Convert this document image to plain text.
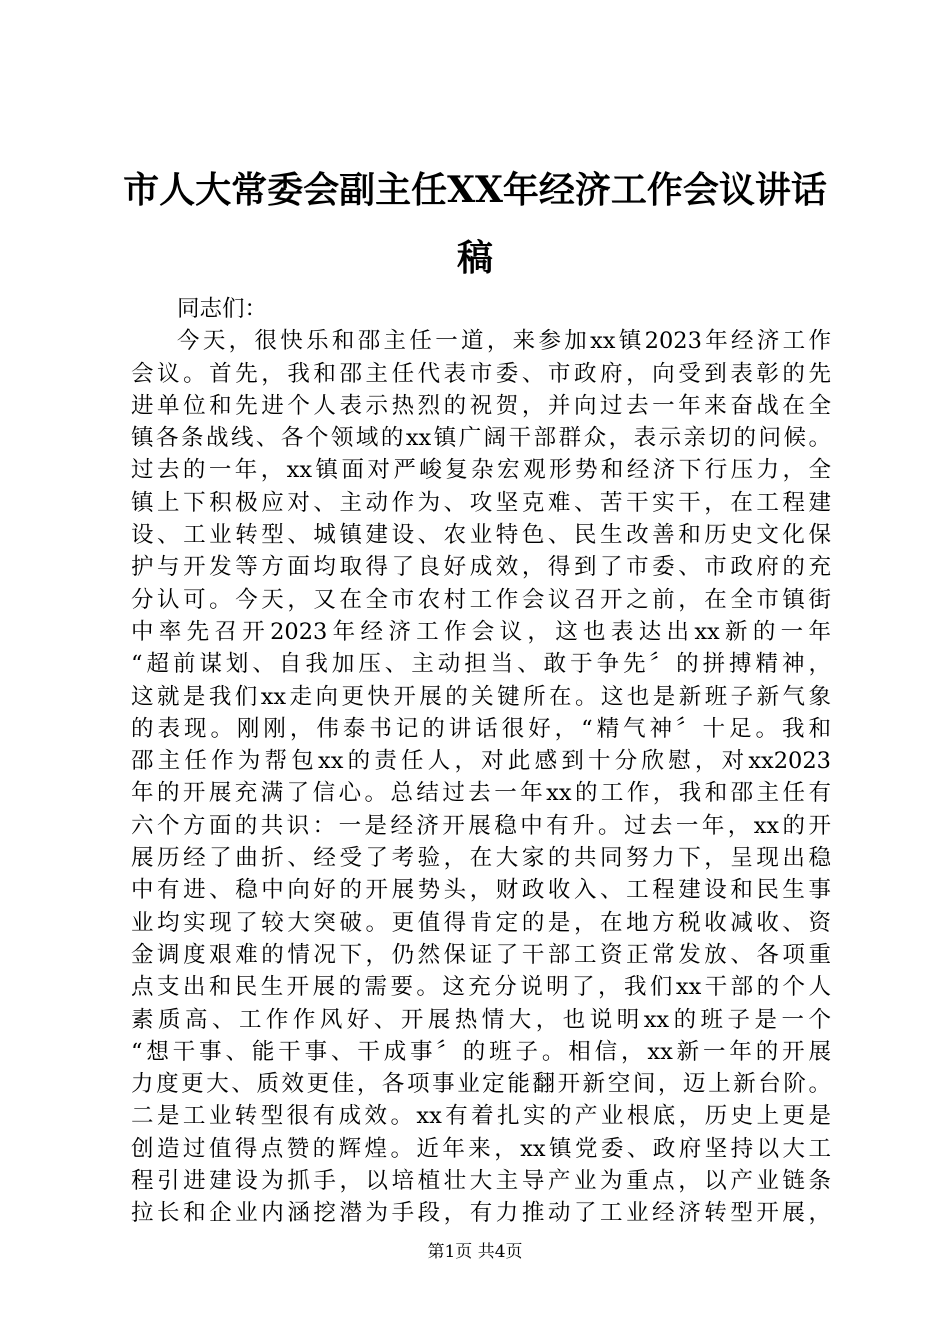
市人大常委会副主任XX年经济工作会议讲话
稿
同志们：
今天，很快乐和邵主任一道，来参加xx镇2023年经济工作
会议。首先，我和邵主任代表市委、市政府，向受到表彰的先
进单位和先进个人表示热烈的祝贺，并向过去一年来奋战在全
镇各条战线、各个领域的xx镇广阔干部群众，表示亲切的问候。
过去的一年，xx镇面对严峻复杂宏观形势和经济下行压力，全
镇上下积极应对、主动作为、攻坚克难、苦干实干，在工程建
设、工业转型、城镇建设、农业特色、民生改善和历史文化保
护与开发等方面均取得了良好成效，得到了市委、市政府的充
分认可。今天，又在全市农村工作会议召开之前，在全市镇街
中率先召开2023年经济工作会议，这也表达出xx新的一年
“超前谋划、自我加压、主动担当、敢于争先〞的拼搏精神，
这就是我们xx走向更快开展的关键所在。这也是新班子新气象
的表现。刚刚，伟泰书记的讲话很好，“精气神〞十足。我和
邵主任作为帮包xx的责任人，对此感到十分欣慰，对xx2023
年的开展充满了信心。总结过去一年xx的工作，我和邵主任有
六个方面的共识：一是经济开展稳中有升。过去一年，xx的开
展历经了曲折、经受了考验，在大家的共同努力下，呈现出稳
中有进、稳中向好的开展势头，财政收入、工程建设和民生事
业均实现了较大突破。更值得肯定的是，在地方税收减收、资
金调度艰难的情况下，仍然保证了干部工资正常发放、各项重
点支出和民生开展的需要。这充分说明了，我们xx干部的个人
素质高、工作作风好、开展热情大，也说明xx的班子是一个
“想干事、能干事、干成事〞的班子。相信，xx新一年的开展
力度更大、质效更佳，各项事业定能翻开新空间，迈上新台阶。
二是工业转型很有成效。xx有着扎实的产业根底，历史上更是
创造过值得点赞的辉煌。近年来，xx镇党委、政府坚持以大工
程引进建设为抓手，以培植壮大主导产业为重点，以产业链条
拉长和企业内涵挖潜为手段，有力推动了工业经济转型开展，
第1页 共4页
